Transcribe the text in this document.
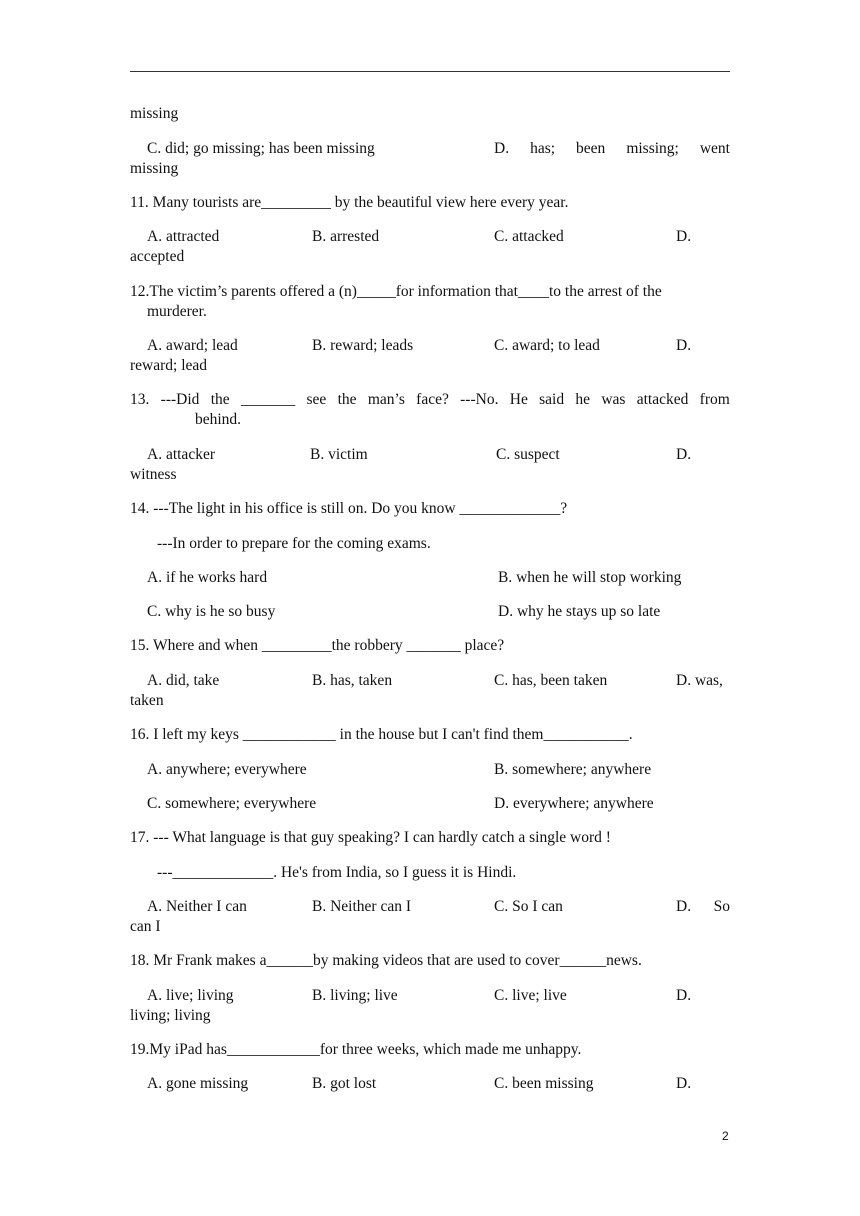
missing
C. did; go missing; has been missing	D. has; been missing; went
missing
11. Many tourists are_________ by the beautiful view here every year.
A. attracted	B. arrested	C. attacked	D.
accepted
12.The victim’s parents offered a (n)_____for information that____to the arrest of the
murderer.
A. award; lead	B. reward; leads	C. award; to lead	D.
reward; lead
13. ---Did the _______ see the man’s face? ---No. He said he was attacked from
behind.
A. attacker	B. victim	C. suspect	D.
witness
14. ---The light in his office is still on. Do you know _____________?
---In order to prepare for the coming exams.
A. if he works hard	B. when he will stop working
C. why is he so busy	D. why he stays up so late
15. Where and when _________the robbery _______ place?
A. did, take	B. has, taken	C. has, been taken	D. was,
taken
16. I left my keys ____________ in the house but I can't find them___________.
A. anywhere; everywhere	B. somewhere; anywhere
C. somewhere; everywhere	D. everywhere; anywhere
17. --- What language is that guy speaking? I can hardly catch a single word !
---_____________. He's from India, so I guess it is Hindi.
A. Neither I can	B. Neither can I	C. So I can	D. So
can I
18. Mr Frank makes a______by making videos that are used to cover______news.
A. live; living	B. living; live	C. live; live	D.
living; living
19.My iPad has____________for three weeks, which made me unhappy.
A. gone missing	B. got lost	C. been missing	D.
2
